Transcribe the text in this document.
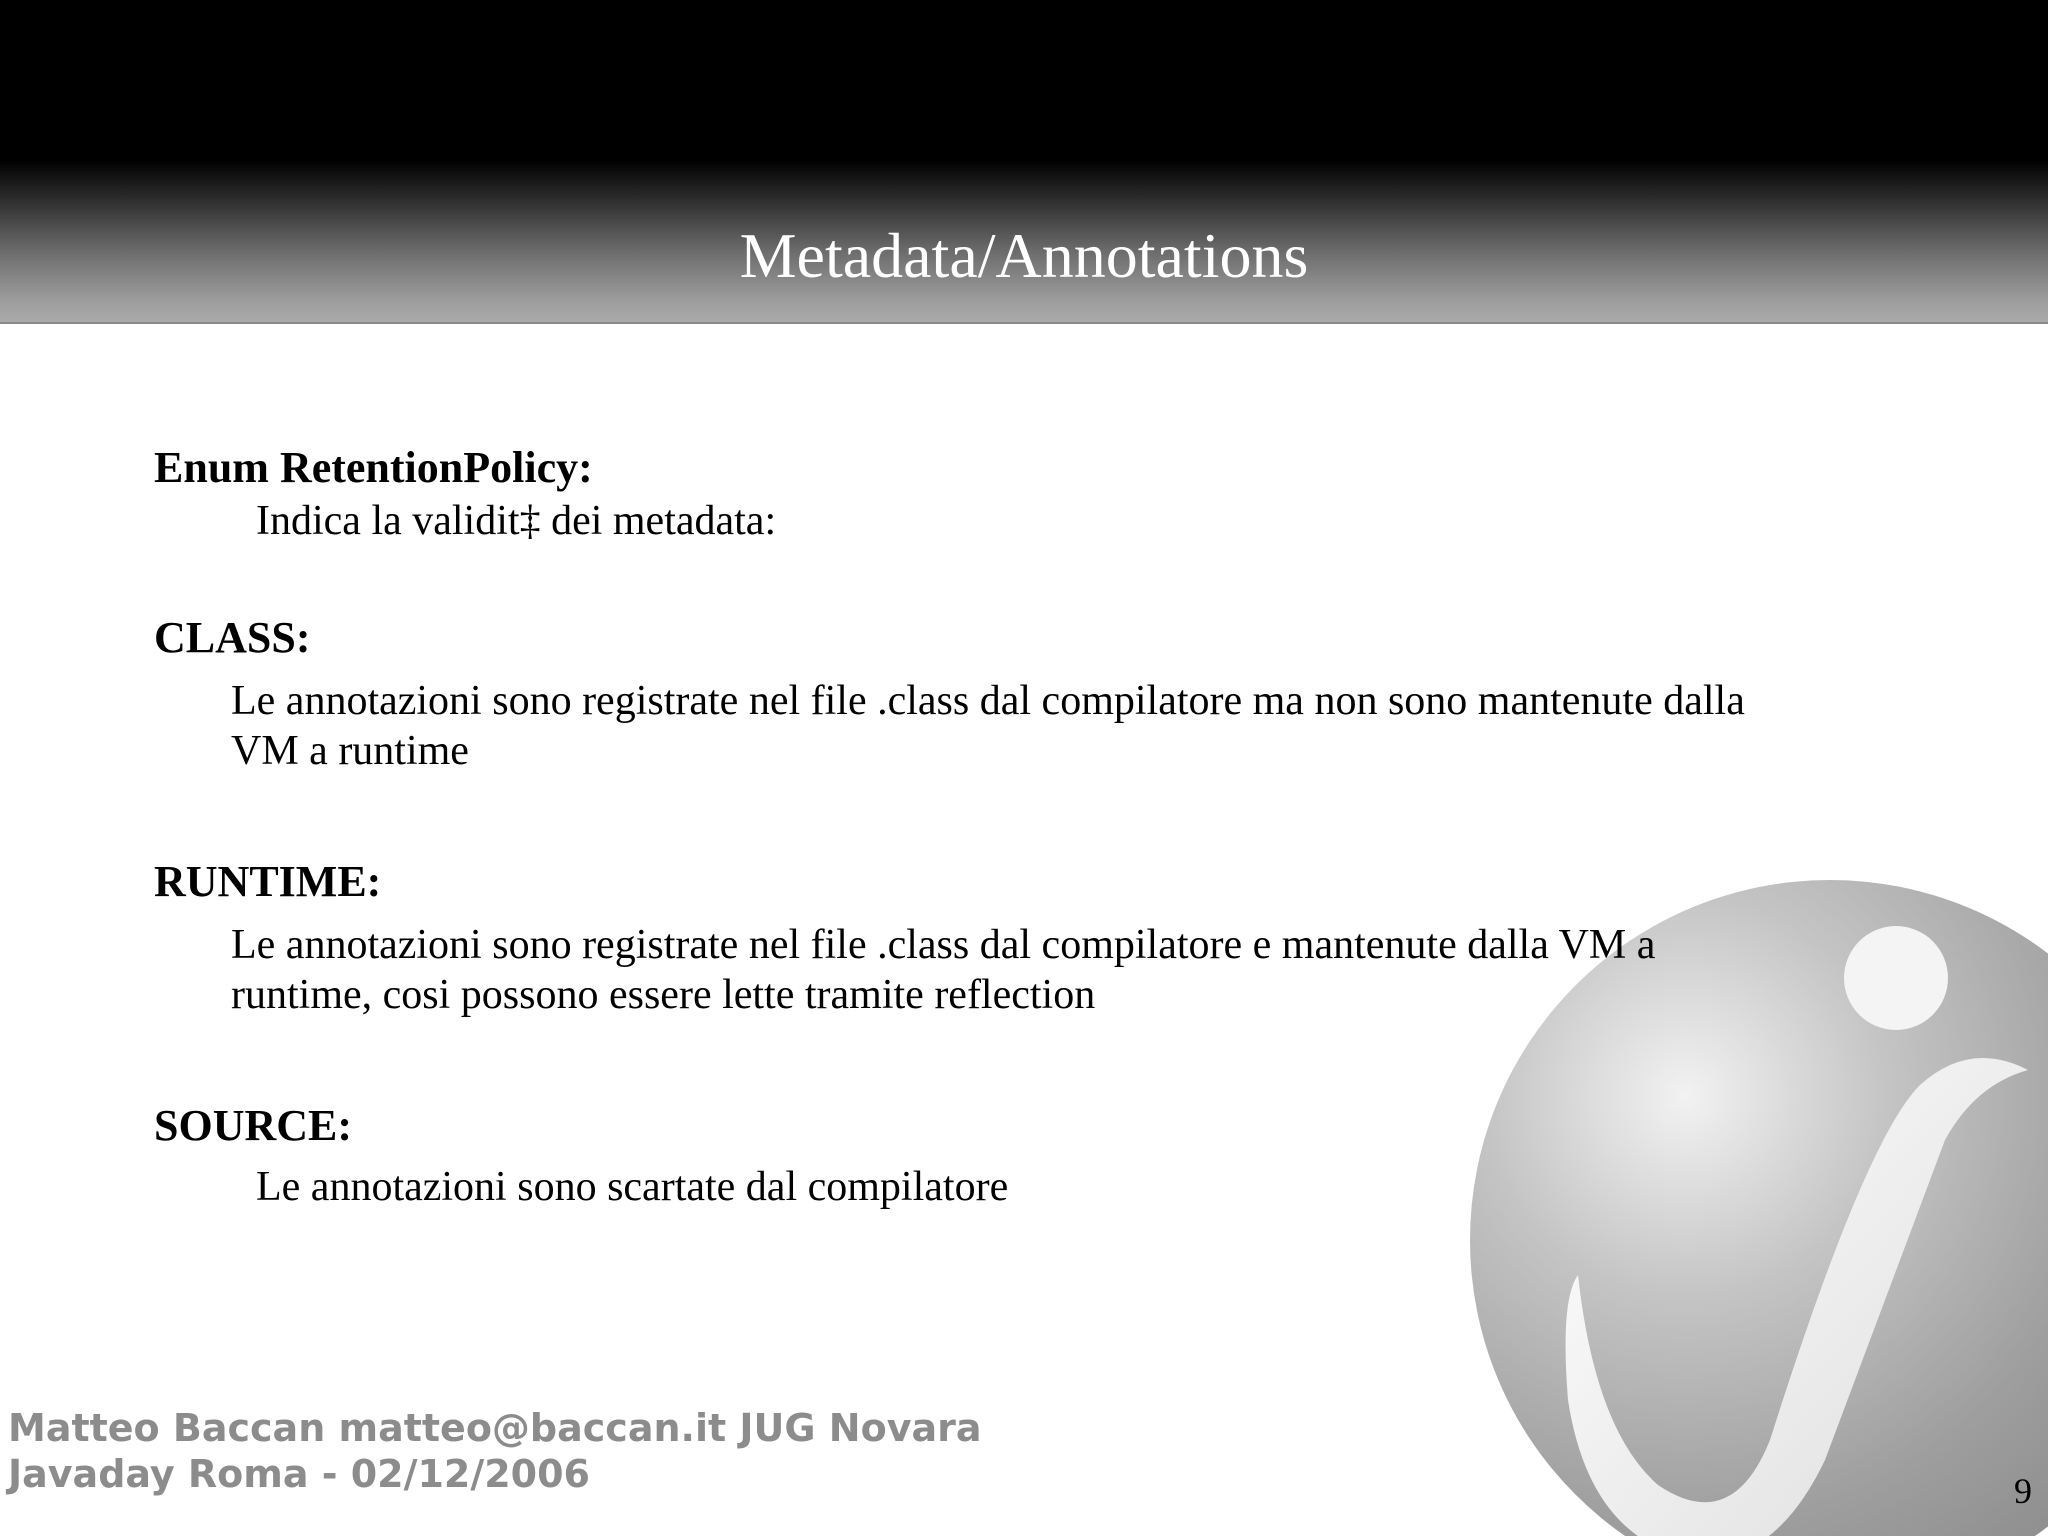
Metadata/Annotations

Enum RetentionPolicy:

Indica la validit‡ dei metadata:

CLASS:

Le annotazioni sono registrate nel file .class dal compilatore ma non sono mantenute dalla

VM a runtime

RUNTIME:

Le annotazioni sono registrate nel file .class dal compilatore e mantenute dalla VM a

runtime, cosi possono essere lette tramite reflection

SOURCE:

Le annotazioni sono scartate dal compilatore

Matteo Baccan matteo@baccan.it JUG Novara
Javaday Roma - 02/12/2006	9
